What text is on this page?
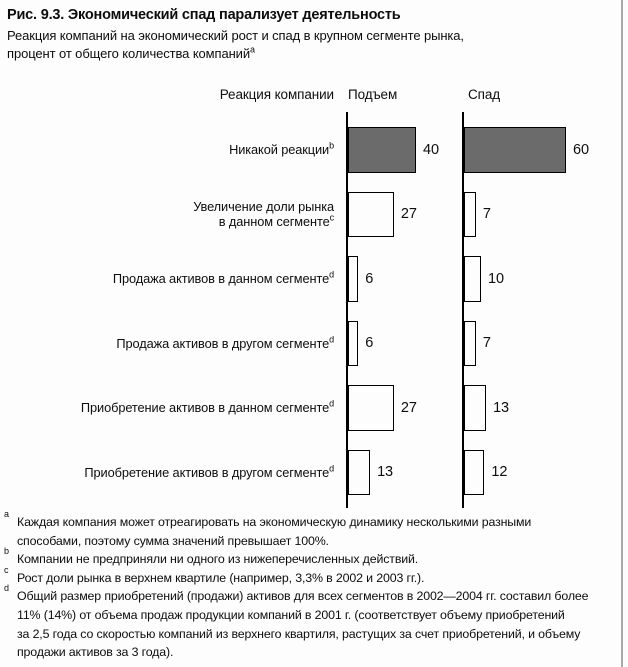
Рис. 9.3. Экономический спад парализует деятельность
Реакция компаний на экономический рост и спад в крупном сегменте рынка,
процент от общего количества компаний$^a$
Реакция компании Подъем	Спад
Никакой реакции$^b$	40	60
Увеличение доли рынка
в данном сегменте$^c$	27	7
Продажа активов в данном сегменте$^d$ 6	10
Продажа активов в другом сегменте$^d$ 6	7
Приобретение активов в данном сегменте$^d$	27	13
Приобретение активов в другом сегменте$^d$	13	12
a
Каждая компания может отреагировать на экономическую динамику несколькими разными
способами, поэтому сумма значений превышает 100%.
b
Компании не предприняли ни одного из нижеперечисленных действий.
c
Рост доли рынка в верхнем квартиле (например, 3,3% в 2002 и 2003 гг.).
d
Общий размер приобретений (продажи) активов для всех сегментов в 2002—2004 гг. составил более
11% (14%) от объема продаж продукции компаний в 2001 г. (соответствует объему приобретений
за 2,5 года со скоростью компаний из верхнего квартиля, растущих за счет приобретений, и объему
продажи активов за 3 года).
